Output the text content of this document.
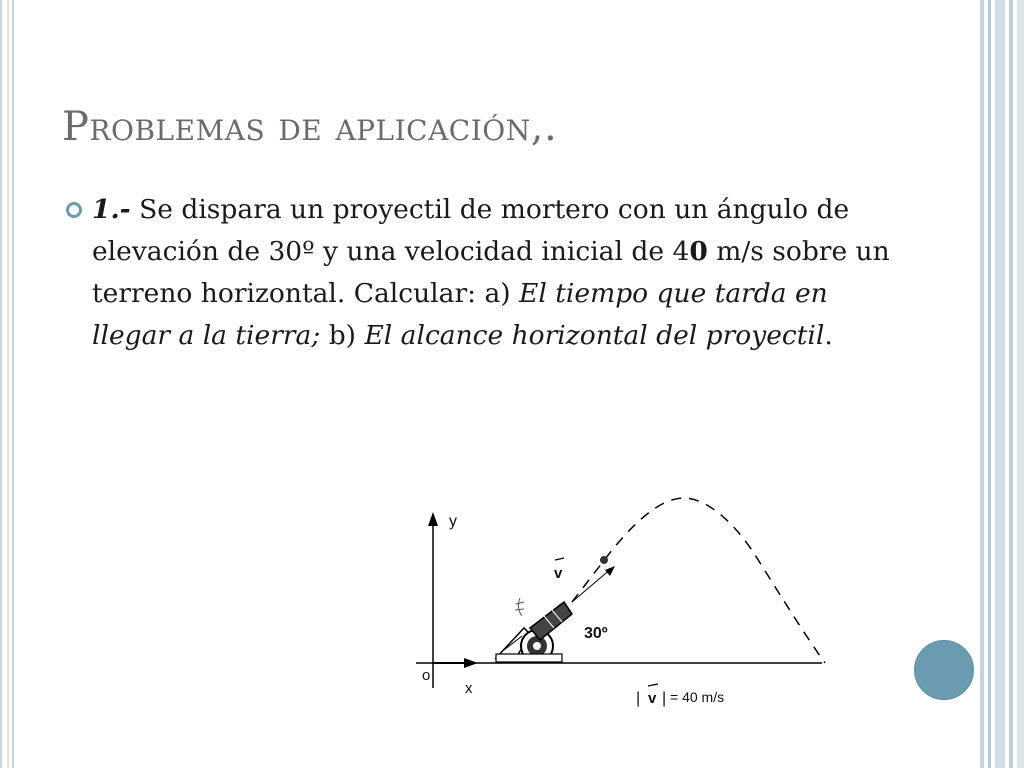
Problemas de aplicación,.

1.- Se dispara un proyectil de mortero con un ángulo de elevación de 30º y una velocidad inicial de 40 m/s sobre un terreno horizontal. Calcular: a) El tiempo que tarda en llegar a la tierra; b) El alcance horizontal del proyectil.

y
o
x
v
30º
| v | = 40 m/s
